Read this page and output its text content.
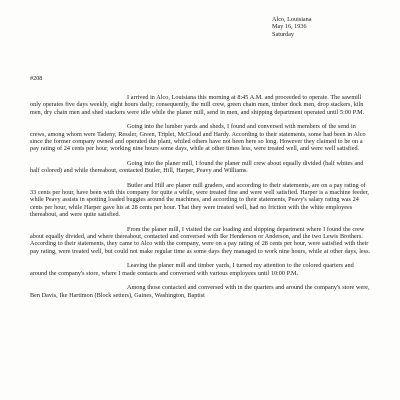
Alco, Louisiana
May 16, 1936
Saturday
#208

I arrived in Alco, Louisiana this morning at 8:45 A.M. and proceeded to operate. The sawmill only operates five days weekly, eight hours daily; consequently, the mill crew, green chain men, timber dock men, drop stackers, kiln men, dry chain men and shed stackers were idle while the planer mill, send in men, and shipping department operated until 5:00 P.M.

Going into the lumber yards and sheds, I found and conversed with members of the send in crews, among whom were Tadeny, Ressler, Green, Triplet, McCloud and Hardy. According to their statements, some had been in Alco since the former company owned and operated the plant, whiled others have not been here so long. However they claimed to be on a pay rating of 24 cents per hour, working nine hours some days, while at other times less, were treated well, and were well satisfied.

Going into the planer mill, I found the planer mill crew about equally divided (half whites and half colored) and while thereabout, contacted Butler, Hill, Harper, Peavy and Williams.

Butler and Hill are planer mill graders, and according to their statements, are on a pay rating of 33 cents per hour, have been with this company for quite a while, were treated fine and were well satisfied. Harper is a machine feeder, while Peavy assists in spotting loaded buggies around the machines, and according to their statements, Peavy's salary rating was 24 cents per hour, while Harper gave his at 28 cents per hour. That they were treated well, had no friction with the white employees thereabout, and were quite satisfied.

From the planer mill, I visited the car loading and shipping department where I found the crew about equally divided, and where thereabout, contacted and conversed with Ike Henderson or Anderson, and the two Lewis Brothers. According to their statements, they came to Alco with the company, were on a pay rating of 28 cents per hour, were satisfied with their pay rating, were treated well, but could not make regular time as some days they managed to work nine hours, while at other days, less.

Leaving the planer mill and timber yards, I turned my attention to the colored quarters and around the company's store, where I made contacts and conversed with various employees until 10:00 P.M.

Among those contacted and conversed with in the quarters and around the company's store were, Ben Davis, Ike Hartimon (Block setters), Gaines, Washington, Baptist
